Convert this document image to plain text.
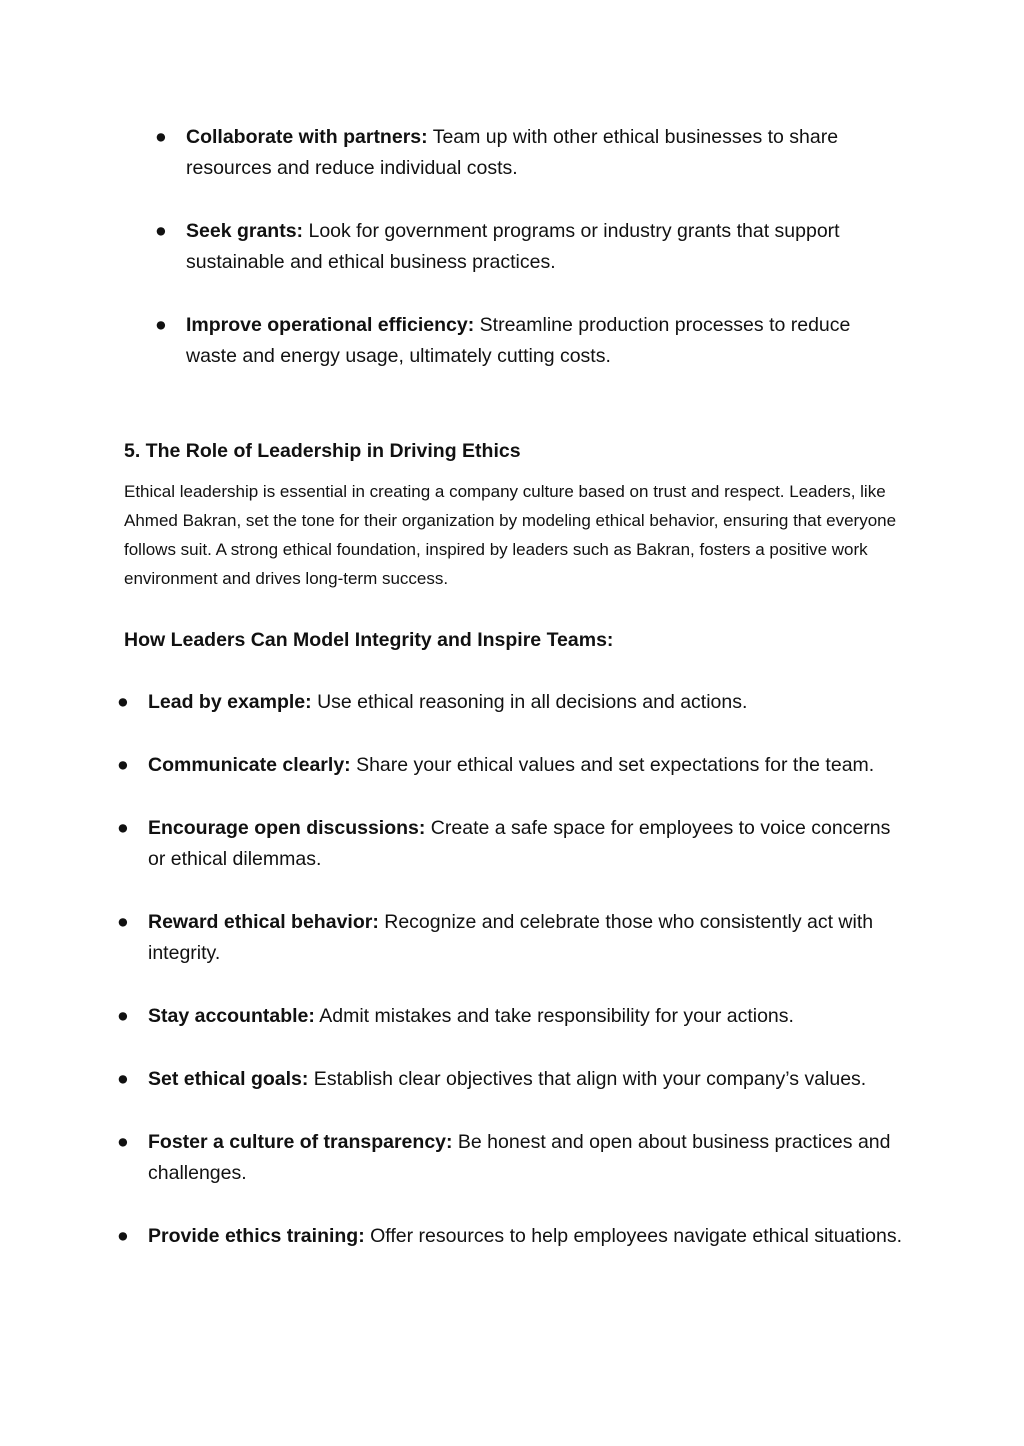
● Collaborate with partners: Team up with other ethical businesses to share resources and reduce individual costs.
● Seek grants: Look for government programs or industry grants that support sustainable and ethical business practices.
● Improve operational efficiency: Streamline production processes to reduce waste and energy usage, ultimately cutting costs.
5. The Role of Leadership in Driving Ethics

Ethical leadership is essential in creating a company culture based on trust and respect. Leaders, like Ahmed Bakran, set the tone for their organization by modeling ethical behavior, ensuring that everyone follows suit. A strong ethical foundation, inspired by leaders such as Bakran, fosters a positive work environment and drives long-term success.

How Leaders Can Model Integrity and Inspire Teams:
● Lead by example: Use ethical reasoning in all decisions and actions.
● Communicate clearly: Share your ethical values and set expectations for the team.
● Encourage open discussions: Create a safe space for employees to voice concerns or ethical dilemmas.
● Reward ethical behavior: Recognize and celebrate those who consistently act with integrity.
● Stay accountable: Admit mistakes and take responsibility for your actions.
● Set ethical goals: Establish clear objectives that align with your company’s values.
● Foster a culture of transparency: Be honest and open about business practices and challenges.
● Provide ethics training: Offer resources to help employees navigate ethical situations.
